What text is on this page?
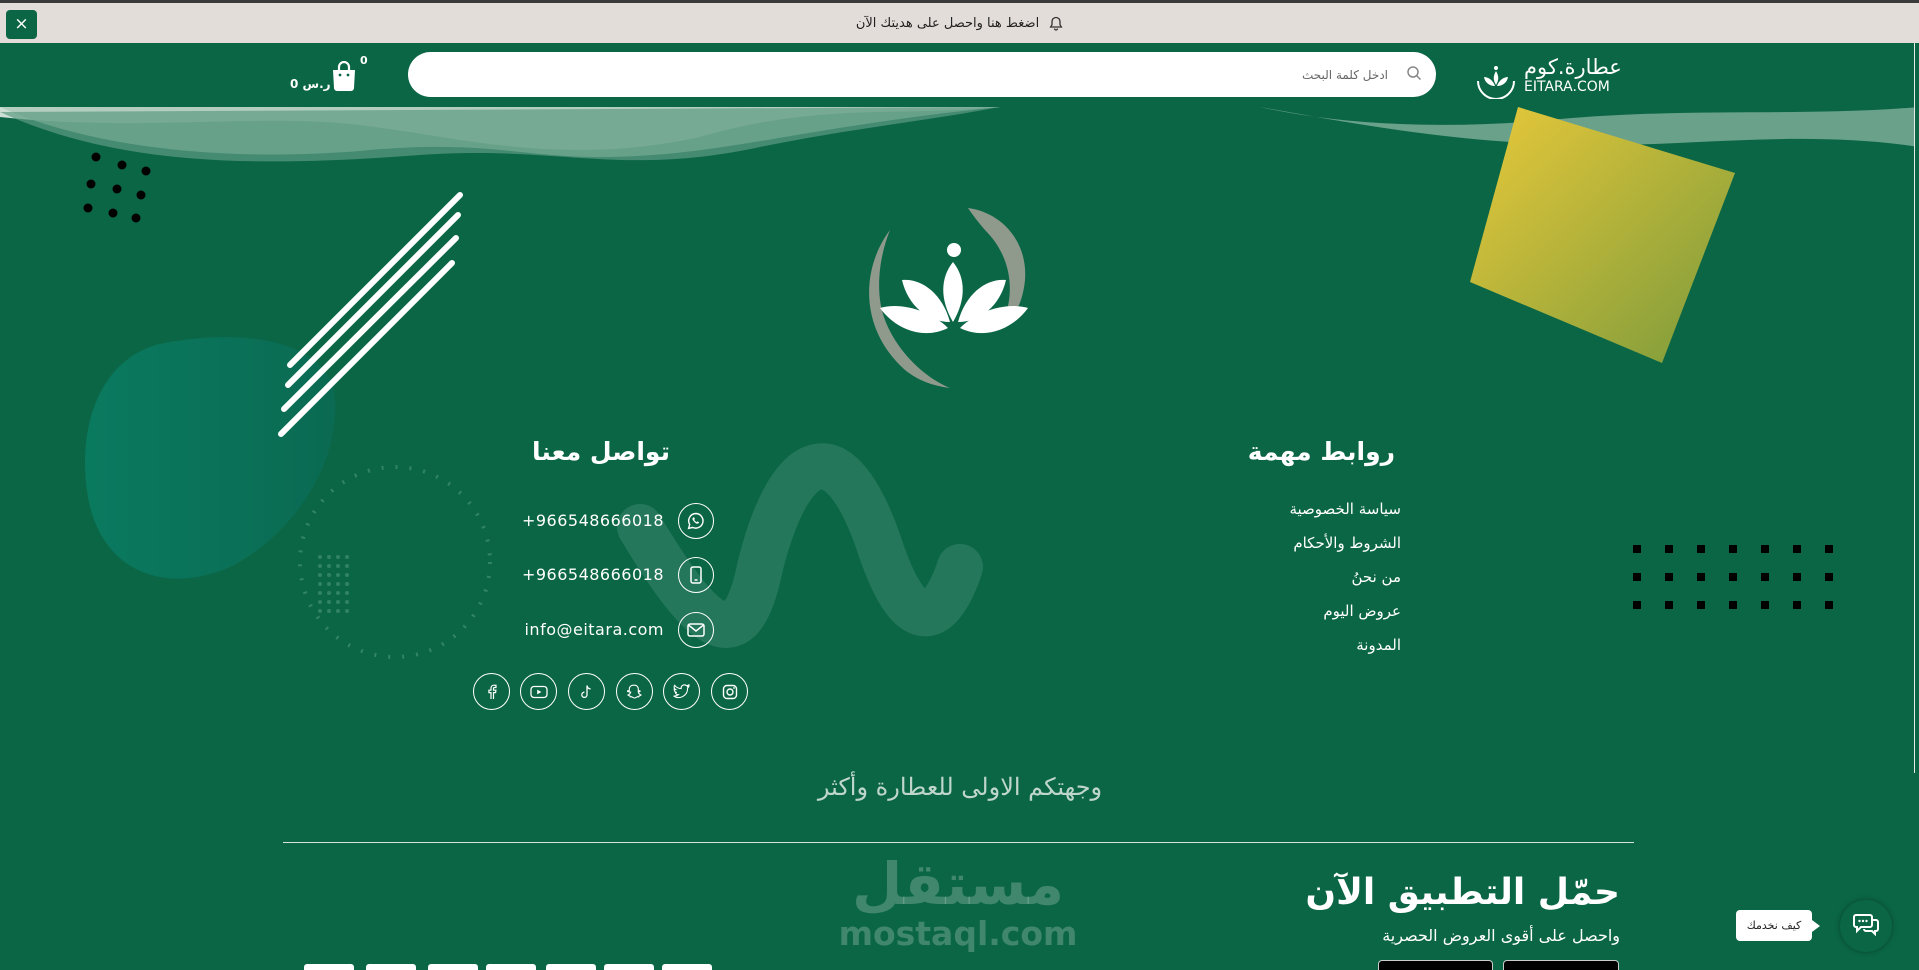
×	اضغط هنا واحصل على هديتك الآن
عطارة.كوم
EITARA.COM
ادخل كلمة البحث
0
0 ر.س
روابط مهمة
سياسة الخصوصية
الشروط والأحكام
من نحنُ
عروض اليوم
المدونة
تواصل معنا
+966548666018
+966548666018
info@eitara.com
وجهتكم الاولى للعطارة وأكثر
مستقل
mostaql.com
حمّل التطبيق الآن
واحصل على أقوى العروض الحصرية
كيف نخدمك
